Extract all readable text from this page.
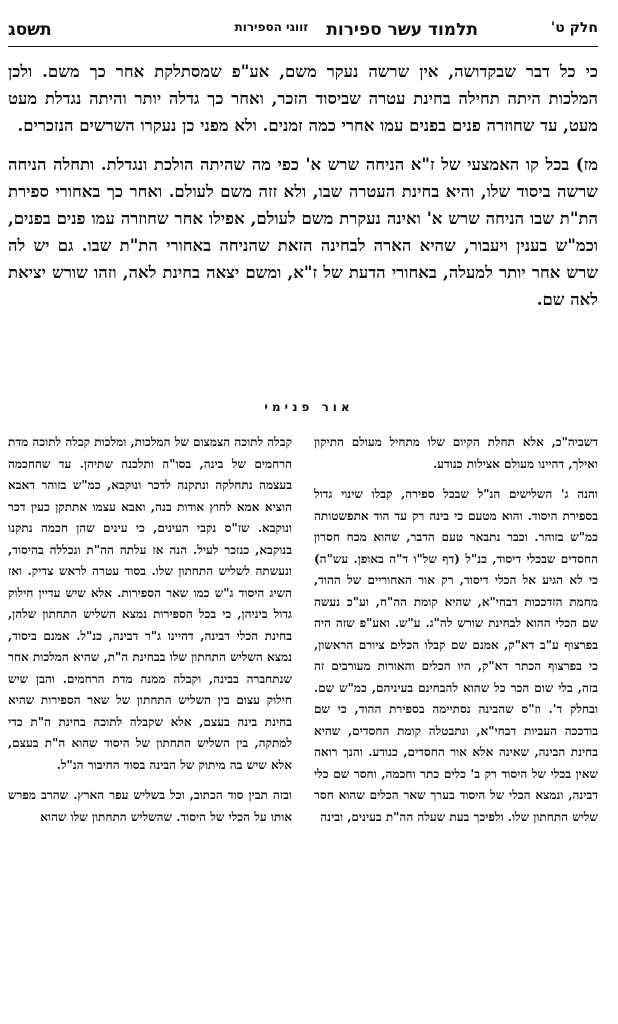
חלק ט'
תלמוד עשר ספירות
זווגי הספירות
תשסג

כי כל דבר שבקדושה, אין שרשה נעקר משם, אע"פ שמסתלקת אחר כך משם. ולכן המלכות היתה תחילה בחינת עטרה שביסוד הזכר, ואחר כך גדלה יותר והיתה נגדלת מעט מעט, עד שחוזרה פנים בפנים עמו אחרי כמה זמנים. ולא מפני כן נעקרו השרשים הנזכרים.

מז) בכל קו האמצעי של ז"א הניחה שרש א' כפי מה שהיתה הולכת ונגדלת. ותחלה הניחה שרשה ביסוד שלו, והיא בחינת העטרה שבו, ולא זזה משם לעולם. ואחר כך באחורי ספירת הת"ת שבו הניחה שרש א' ואינה נעקרת משם לעולם, אפילו אחר שחוזרה עמו פנים בפנים, וכמ"ש בענין ויעבור, שהיא הארה לבחינה הזאת שהניחה באחורי הת"ת שבו. גם יש לה שרש אחר יותר למעלה, באחורי הדעת של ז"א, ומשם יצאה בחינת לאה, וזהו שורש יציאת לאה שם.

אור פנימי

דשביה"כ, אלא תחלת הקיום שלו מתחיל מעולם התיקון ואילך, דהיינו מעולם אצילות כנודע.

והנה ג' השלישים הנ"ל שבכל ספירה, קבלו שינוי גדול בספירת היסוד. והוא מטעם כי בינה רק עד הוד אתפשטותה כמ"ש בזוהר. וכבר נתבאר טעם הדבר, שהוא מכח חסרון החסדים שבכלי דיסוד, כנ"ל (דף של"ו ד"ה באופן. עש"ה) כי לא הגיע אל הכלי דיסוד, רק אור האחוריים של ההוד, מחמת הזדככות דבחי"א, שהיא קומת הה"ח, וע"כ נעשה שם הכלי ההוא לבחינת שורש לה"ג. ע"ש. ואע"פ שזה היה בפרצוף ע"ב דא"ק, אמנם שם קבלו הכלים ציורם הראשון, כי בפרצוף הכתר דא"ק, היו הכלים והאורות מעורבים זה בזה, בלי שום הכר כל שהוא להבחינם בעיניהם, כמ"ש שם. ובחלק ד'. וז"ס שהבינה נסתיימה בספירת ההוד, כי שם בודככה העביות דבחי"א, ונתבטלה קומת החסדים, שהיא בחינת הבינה, שאינה אלא אור החסדים, כנודע. והנך רואה שאין בכלי של היסוד רק ב' כלים כתר וחכמה, וחסר שם כלי דבינה, ונמצא הכלי של היסוד בערך שאר הכלים שהוא חסר שליש התחתון שלו. ולפיכך בעת שעלה הה"ת בעינים, ובינה

קבלה לתוכה הצמצום של המלכות, ומלכות קבלה לתוכה מדת הרחמים של בינה, בסו"ה ותלכנה שתיהן. עד שהחכמה בעצמה נתחלקה ונתקנה לדכר ונוקבא, כמ"ש בזוהר דאבא הוציא אמא לחוץ אודות בנה, ואבא עצמו אתתקן כעין דכר ונוקבא. שז"ס נקבי העינים, כי עינים שהן חכמה נתקנו בנוקבא, כנזכר לעיל. הנה אז עלתה הה"ת ונכללה בהיסוד, ונעשתה לשליש התחתון שלו. בסוד עטרה לראש צדיק. ואז השיג היסוד ג"ש כמו שאר הספירות. אלא שיש עדיין חילוק גדול ביניהן, כי בכל הספירות נמצא השליש התחתון שלהן, בחינת הכלי דבינה, דהיינו ג"ר דבינה, כנ"ל. אמנם ביסוד, נמצא השליש התחתון שלו בבחינת ה"ת, שהיא המלכות אחר שנתחברה בבינה, וקבלה ממנה מדת הרחמים. והבן שיש חילוק עצום בין השליש התחתון של שאר הספירות שהיא בחינת בינה בעצם, אלא שקבלה לתוכה בחינת ה"ת כדי למתקה, בין השליש התחתון של היסוד שהוא ה"ת בעצם, אלא שיש בה מיתוק של הבינה בסוד החיבור הנ"ל.

ובזה תבין סוד הכתוב, וכל בשליש עפר הארץ. שהרב מפרש אותו על הכלי של היסוד. שהשליש התחתון שלו שהוא
